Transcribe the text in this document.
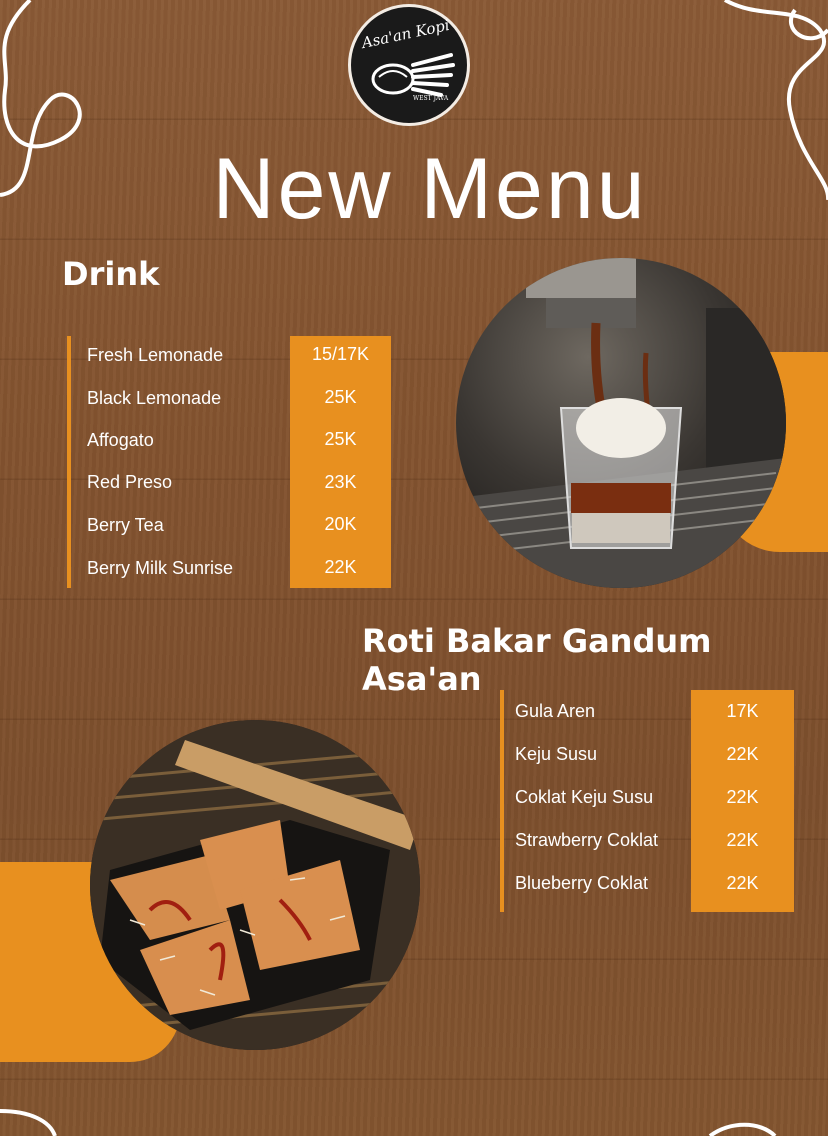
Asa'an Kopi
WEST JAVA
New Menu
Drink
15/17K
25K
25K
23K
20K
22K
Fresh Lemonade
Black Lemonade
Affogato
Red Preso
Berry Tea
Berry Milk Sunrise
Roti Bakar Gandum Asa'an
17K
22K
22K
22K
22K
Gula Aren
Keju Susu
Coklat Keju Susu
Strawberry Coklat
Blueberry Coklat
